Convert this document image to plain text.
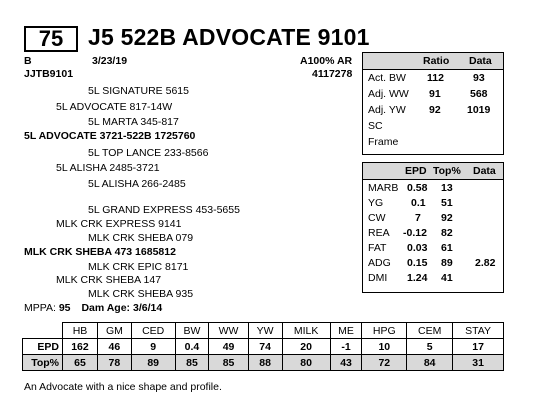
75	J5 522B ADVOCATE 9101
B	3/23/19	A100% AR
JJTB9101	4117278
5L SIGNATURE 5615
5L ADVOCATE 817-14W
5L MARTA 345-817
5L ADVOCATE 3721-522B 1725760
5L TOP LANCE 233-8566
5L ALISHA 2485-3721
5L ALISHA 266-2485
5L GRAND EXPRESS 453-5655
MLK CRK EXPRESS 9141
MLK CRK SHEBA 079
MLK CRK SHEBA 473 1685812
MLK CRK EPIC 8171
MLK CRK SHEBA 147
MLK CRK SHEBA 935
MPPA: 95 Dam Age: 3/6/14
Ratio Data
Act. BW 112	93
Adj. WW 91	568
Adj. YW 92	1019
SC
Frame
EPD Top% Data
MARB 0.58 13
YG	0.1 51
CW	7 92
REA -0.12 82
FAT 0.03 61
ADG 0.15 89 2.82
DMI 1.24 41
	HB	GM	CED	BW	WW	YW	MILK	ME	HPG	CEM	STAY
EPD	162	46	9	0.4	49	74	20	-1	10	5	17
Top%	65	78	89	85	85	88	80	43	72	84	31
An Advocate with a nice shape and profile.
